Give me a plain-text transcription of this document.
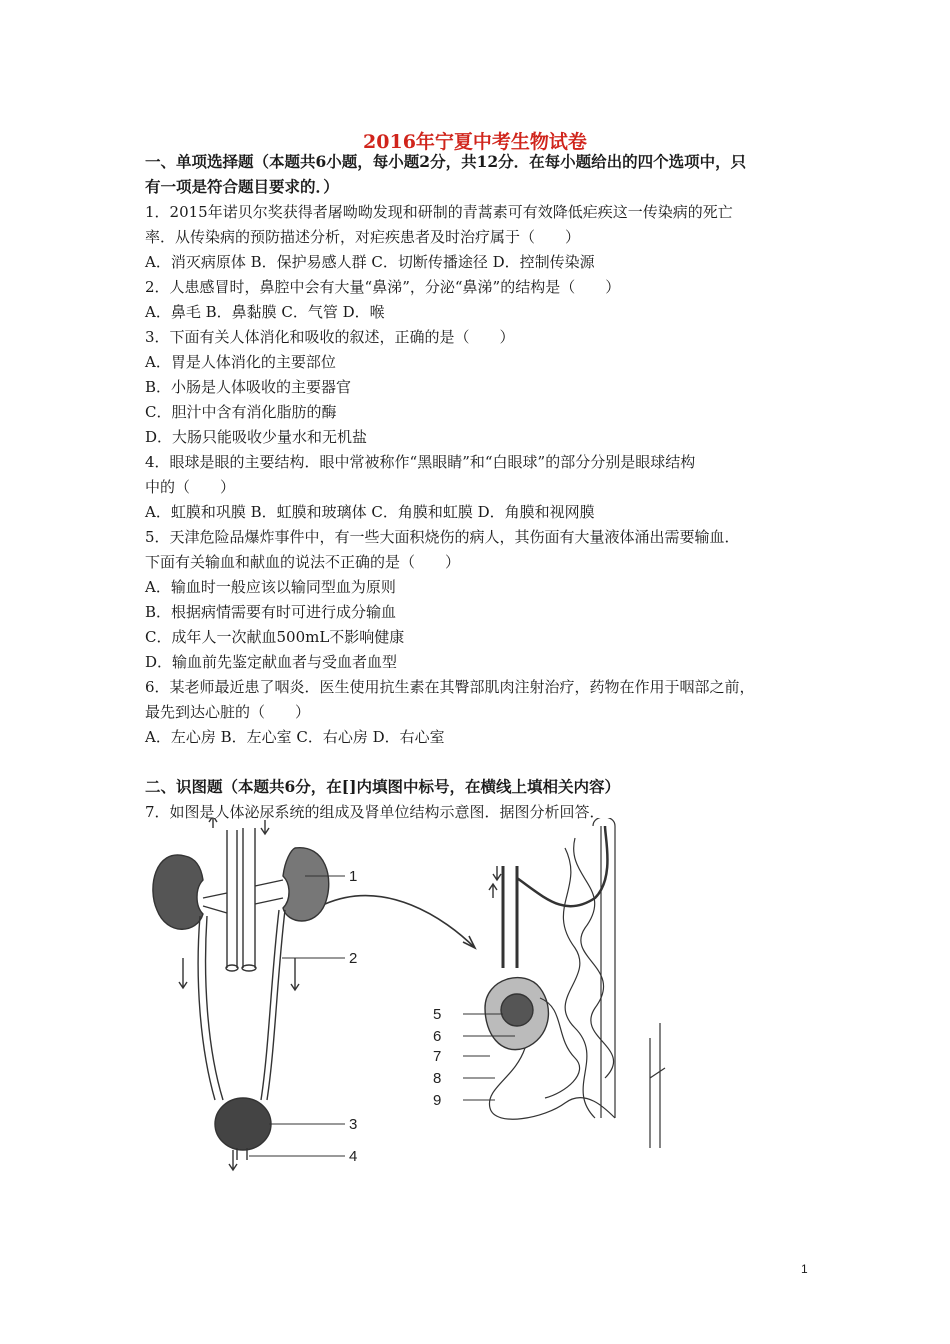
2016年宁夏中考生物试卷
一、单项选择题（本题共6小题，每小题2分，共12分．在每小题给出的四个选项中，只
有一项是符合题目要求的．）
1．2015年诺贝尔奖获得者屠呦呦发现和研制的青蒿素可有效降低疟疾这一传染病的死亡
率．从传染病的预防描述分析，对疟疾患者及时治疗属于（　　）
A．消灭病原体 B．保护易感人群 C．切断传播途径 D．控制传染源
2．人患感冒时，鼻腔中会有大量“鼻涕”，分泌“鼻涕”的结构是（　　）
A．鼻毛 B．鼻黏膜 C．气管 D．喉
3．下面有关人体消化和吸收的叙述，正确的是（　　）
A．胃是人体消化的主要部位
B．小肠是人体吸收的主要器官
C．胆汁中含有消化脂肪的酶
D．大肠只能吸收少量水和无机盐
4．眼球是眼的主要结构．眼中常被称作“黑眼睛”和“白眼球”的部分分别是眼球结构
中的（　　）
A．虹膜和巩膜 B．虹膜和玻璃体 C．角膜和虹膜 D．角膜和视网膜
5．天津危险品爆炸事件中，有一些大面积烧伤的病人，其伤面有大量液体涌出需要输血．
下面有关输血和献血的说法不正确的是（　　）
A．输血时一般应该以输同型血为原则
B．根据病情需要有时可进行成分输血
C．成年人一次献血500mL不影响健康
D．输血前先鉴定献血者与受血者血型
6．某老师最近患了咽炎．医生使用抗生素在其臀部肌肉注射治疗，药物在作用于咽部之前，
最先到达心脏的（　　）
A．左心房 B．左心室 C．右心房 D．右心室
二、识图题（本题共6分，在[]内填图中标号，在横线上填相关内容）
7．如图是人体泌尿系统的组成及肾单位结构示意图．据图分析回答．
1
2
3
4
5
6
7
8
9
1
